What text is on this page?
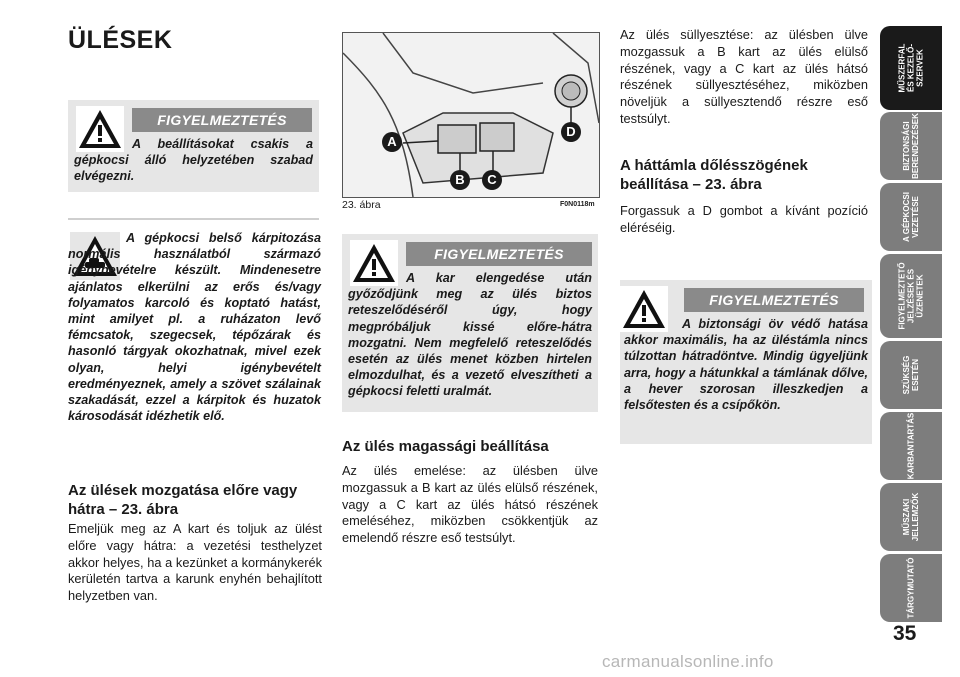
ÜLÉSEK
FIGYELMEZTETÉS
A beállításokat csakis a gépkocsi álló helyzetében szabad elvégezni.
A gépkocsi belső kárpitozása normális használatból származó igénybevételre készült. Mindenesetre ajánlatos elkerülni az erős és/vagy folyamatos karcoló és koptató hatást, mint amilyet pl. a ruházaton levő fémcsatok, szegecsek, tépőzárak és hasonló tárgyak okozhatnak, mivel ezek olyan, helyi igénybevételt eredményeznek, amely a szövet szálainak szakadását, ezzel a kárpitok és huzatok károsodását idézhetik elő.
Az ülések mozgatása előre vagy hátra – 23. ábra

Emeljük meg az A kart és toljuk az ülést előre vagy hátra: a vezetési testhelyzet akkor helyes, ha a kezünket a kormánykerék kerületén tartva a karunk enyhén behajlított helyzetben van.

A
B	C
D
23. ábra	F0N0118m
FIGYELMEZTETÉS
A kar elengedése után győződjünk meg az ülés biztos reteszelődéséről úgy, hogy megpróbáljuk kissé előre-hátra mozgatni. Nem megfelelő reteszelődés esetén az ülés menet közben hirtelen elmozdulhat, és a vezető elveszítheti a gépkocsi feletti uralmát.
Az ülés magassági beállítása

Az ülés emelése: az ülésben ülve mozgassuk a B kart az ülés elülső részének, vagy a C kart az ülés hátsó részének emeléséhez, miközben csökkentjük az emelendő részre eső testsúlyt.

Az ülés süllyesztése: az ülésben ülve mozgassuk a B kart az ülés elülső részének, vagy a C kart az ülés hátsó részének süllyesztéséhez, miközben növeljük a süllyesztendő részre eső testsúlyt.

A háttámla dőlésszögének beállítása – 23. ábra

Forgassuk a D gombot a kívánt pozíció eléréséig.

FIGYELMEZTETÉS
A biztonsági öv védő hatása akkor maximális, ha az üléstámla nincs túlzottan hátradöntve. Mindig ügyeljünk arra, hogy a hátunkkal a támlának dőlve, a hever szorosan illeszkedjen a felsőtesten és a csípőkön.
MŰSZERFAL
ÉS KEZELŐ-
SZERVEK
BIZTONSÁGI
BERENDEZÉSEK
A GÉPKOCSI
VEZETÉSE
FIGYELMEZTETŐ
JELZÉSEK ÉS
ÜZENETEK
SZÜKSÉG
ESETÉN
KARBANTARTÁS
MŰSZAKI
JELLEMZŐK
TÁRGYMUTATÓ
35
carmanualsonline.info
